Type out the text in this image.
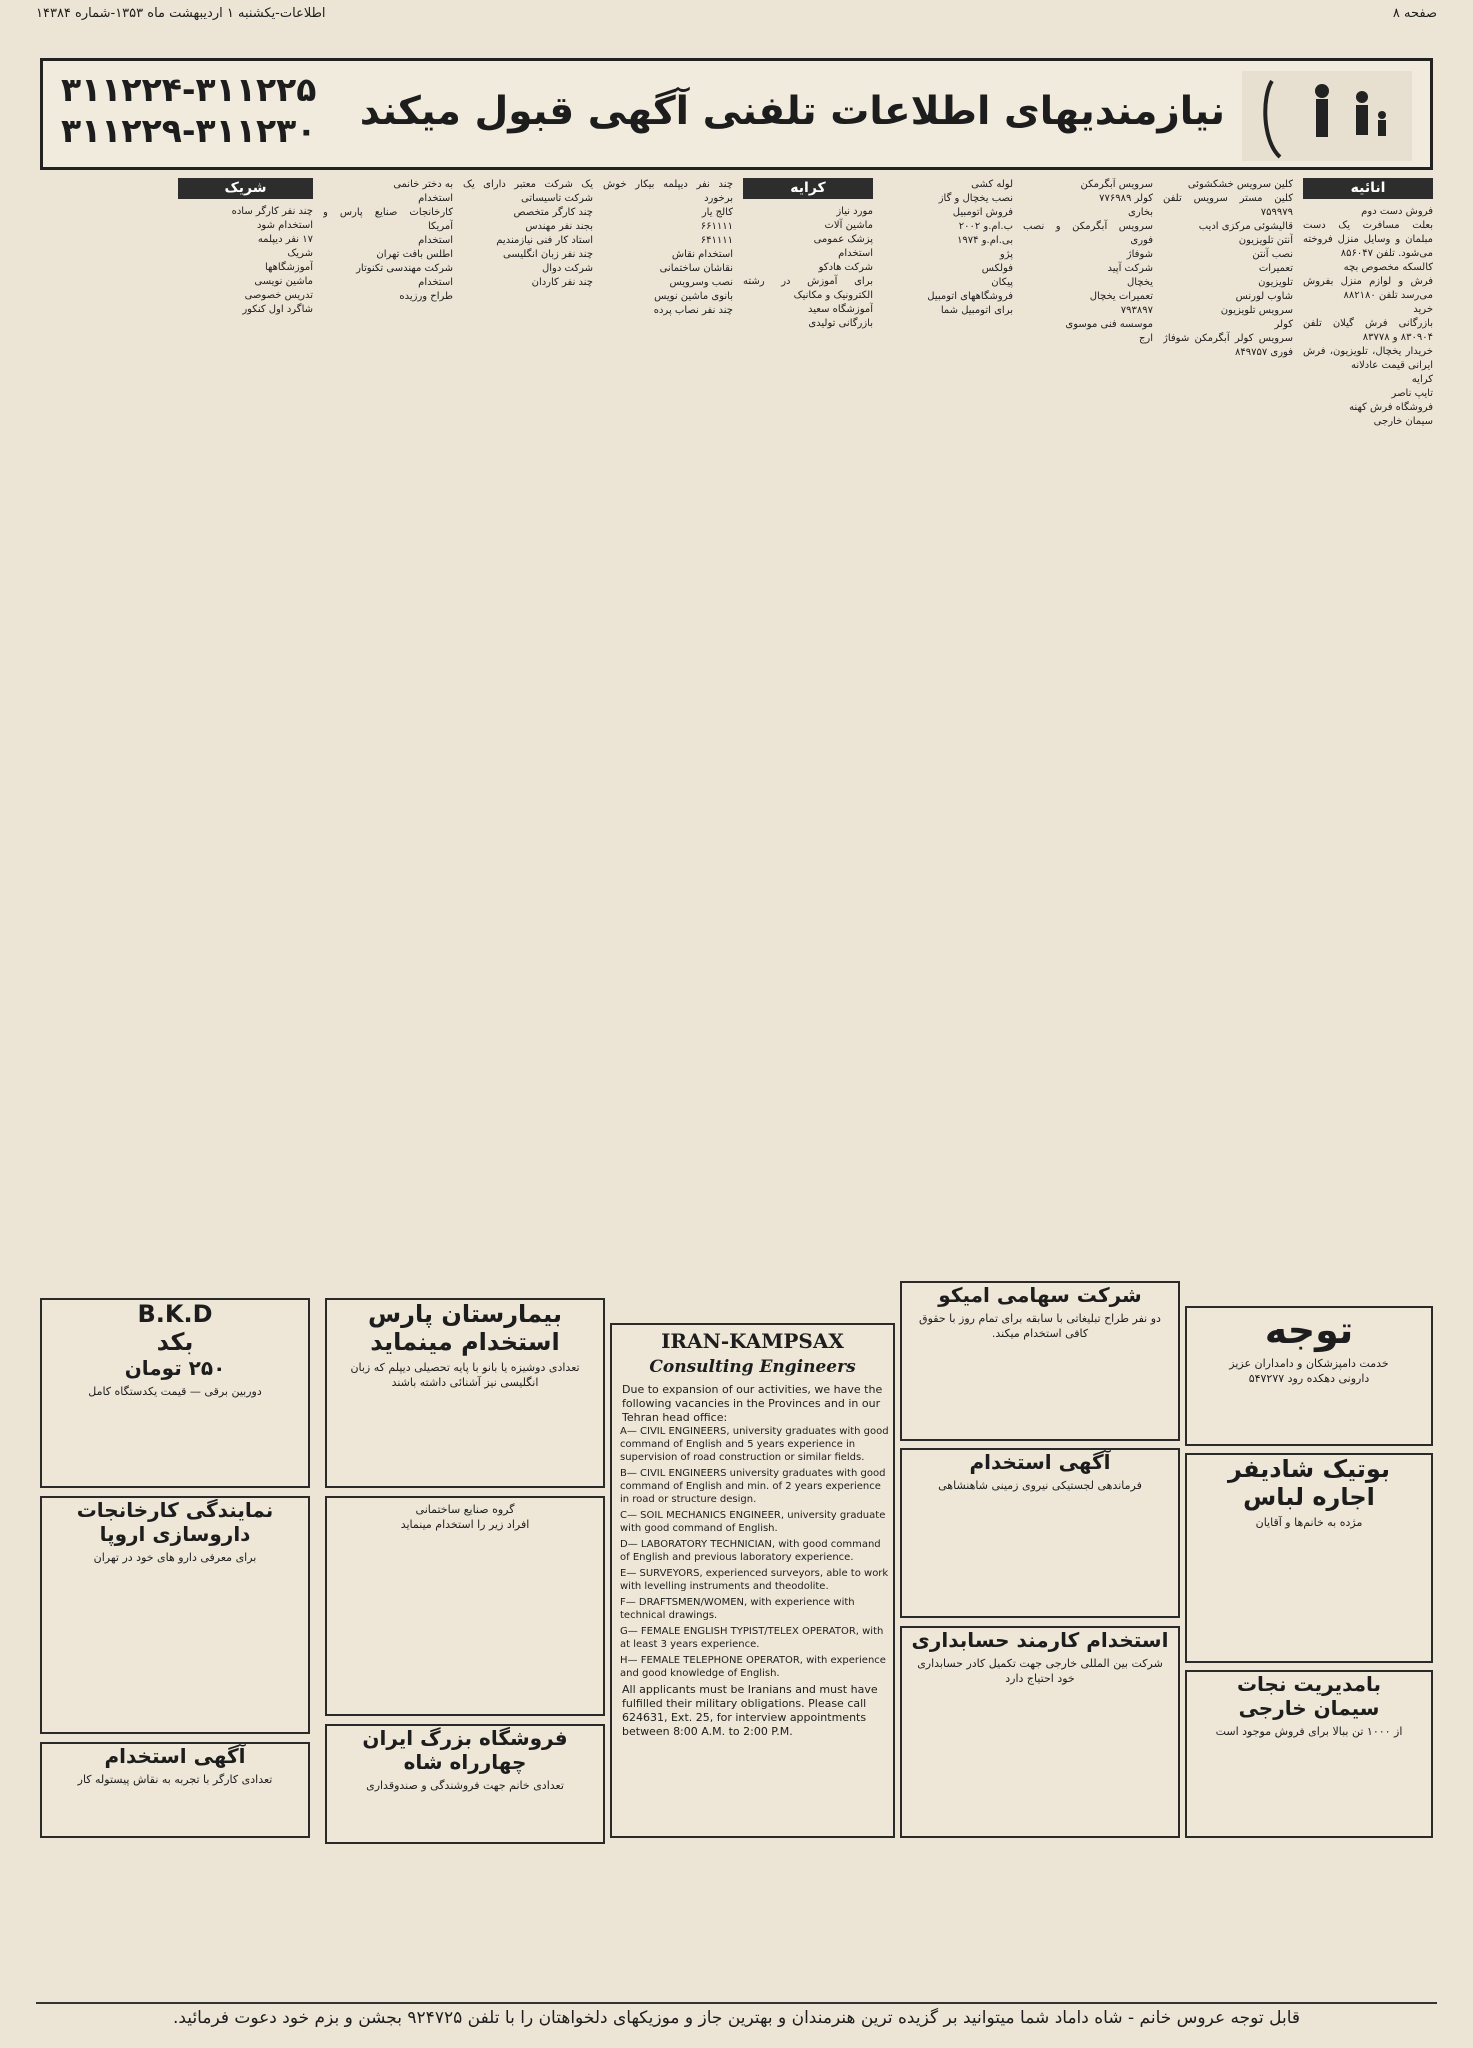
صفحه ۸
اطلاعات-یکشنبه ۱ اردیبهشت ماه ۱۳۵۳-شماره ۱۴۳۸۴
۳۱۱۲۲۴-۳۱۱۲۲۵
۳۱۱۲۲۹-۳۱۱۲۳۰ نیازمندیهای اطلاعات تلفنی آگهی قبول میکند
انائیه

فروش دست دوم
بعلت مسافرت یک دست مبلمان و وسایل منزل فروخته می‌شود. تلفن ۸۵۶۰۴۷
کالسکه مخصوص بچه
فرش و لوازم منزل بفروش می‌رسد تلفن ۸۸۲۱۸۰
خرید
بازرگانی فرش گیلان تلفن ۸۳۰۹۰۴ و ۸۳۷۷۸
خریدار یخچال، تلویزیون، فرش ایرانی قیمت عادلانه
کرایه
تایپ ناصر
فروشگاه فرش کهنه
سیمان خارجی

کلین سرویس خشکشوئی
کلین مستر سرویس تلفن ۷۵۹۹۷۹
قالیشوئی مرکزی ادیب
آنتن تلویزیون
نصب آنتن
تعمیرات
تلویزیون
شاوب لورنس
سرویس تلویزیون
کولر
سرویس کولر آبگرمکن شوفاژ فوری ۸۴۹۷۵۷

سرویس آبگرمکن
کولر ۷۷۶۹۸۹
بخاری
سرویس آبگرمکن و نصب فوری
شوفاژ
شرکت آپید
یخچال
تعمیرات یخچال
۷۹۳۸۹۷
موسسه فنی موسوی
ارج

لوله کشی
نصب یخچال و گاز
فروش اتومبیل
ب.ام.و ۲۰۰۲
بی.ام.و ۱۹۷۴
پژو
فولکس
پیکان
فروشگاههای اتومبیل
برای اتومبیل شما

کرایه

مورد نیاز
ماشین آلات
پزشک عمومی
استخدام
شرکت هادکو
برای آموزش در رشته الکترونیک و مکانیک
آموزشگاه سعید
بازرگانی تولیدی

چند نفر دیپلمه بیکار خوش برخورد
کالج یار
۶۶۱۱۱۱
۶۴۱۱۱۱
استخدام نقاش
نقاشان ساختمانی
نصب وسرویس
بانوی ماشین نویس
چند نفر نصاب پرده

یک شرکت معتبر دارای یک شرکت تاسیساتی
چند کارگر متخصص
بجند نفر مهندس
استاد کار فنی نیازمندیم
چند نفر زبان انگلیسی
شرکت دوال
چند نفر کاردان

به دختر خانمی
استخدام
کارخانجات صنایع پارس و آمریکا
استخدام
اطلس بافت تهران
شرکت مهندسی تکنوتار
استخدام
طراح ورزیده

شریک

چند نفر کارگر ساده
استخدام شود
۱۷ نفر دیپلمه
شریک
آموزشگاهها
ماشین نویسی
تدریس خصوصی
شاگرد اول کنکور

B.K.D
بکد
۲۵۰ تومان
دوربین برقی — قیمت یکدستگاه کامل
بیمارستان پارس
استخدام مینماید
تعدادی دوشیزه یا بانو با پایه تحصیلی دیپلم که زبان انگلیسی نیز آشنائی داشته باشند
گروه صنایع ساختمانی
افراد زیر را استخدام مینماید
فروشگاه بزرگ ایران
چهارراه شاه
تعدادی خانم جهت فروشندگی و صندوقداری
IRAN-KAMPSAX
Consulting Engineers
Due to expansion of our activities, we have the following vacancies in the Provinces and in our Tehran head office:
A— CIVIL ENGINEERS, university graduates with good command of English and 5 years experience in supervision of road construction or similar fields.
B— CIVIL ENGINEERS university graduates with good command of English and min. of 2 years experience in road or structure design.
C— SOIL MECHANICS ENGINEER, university graduate with good command of English.
D— LABORATORY TECHNICIAN, with good command of English and previous laboratory experience.
E— SURVEYORS, experienced surveyors, able to work with levelling instruments and theodolite.
F— DRAFTSMEN/WOMEN, with experience with technical drawings.
G— FEMALE ENGLISH TYPIST/TELEX OPERATOR, with at least 3 years experience.
H— FEMALE TELEPHONE OPERATOR, with experience and good knowledge of English.
All applicants must be Iranians and must have fulfilled their military obligations. Please call 624631, Ext. 25, for interview appointments between 8:00 A.M. to 2:00 P.M.
شرکت سهامی امیکو
دو نفر طراح تبلیغاتی با سابقه برای تمام روز با حقوق کافی استخدام میکند.
آگهی استخدام
فرماندهی لجستیکی نیروی زمینی شاهنشاهی
استخدام کارمند حسابداری
شرکت بین المللی خارجی جهت تکمیل کادر حسابداری خود احتیاج دارد
توجه
خدمت دامپزشکان و دامداران عزیز
دارونی دهکده رود ۵۴۷۲۷۷
بوتیک شادیفر
اجاره لباس
مژده به خانم‌ها و آقایان
بامدیریت نجات
سیمان خارجی
از ۱۰۰۰ تن ببالا برای فروش موجود است
نمایندگی کارخانجات داروسازی اروپا
برای معرفی دارو های خود در تهران
آگهی استخدام
تعدادی کارگر با تجربه به نقاش پیستوله کار
قابل توجه عروس خانم - شاه داماد شما میتوانید بر گزیده ترین هنرمندان و بهترین جاز و موزیکهای دلخواهتان را با تلفن ۹۲۴۷۲۵ بجشن و بزم خود دعوت فرمائید.
